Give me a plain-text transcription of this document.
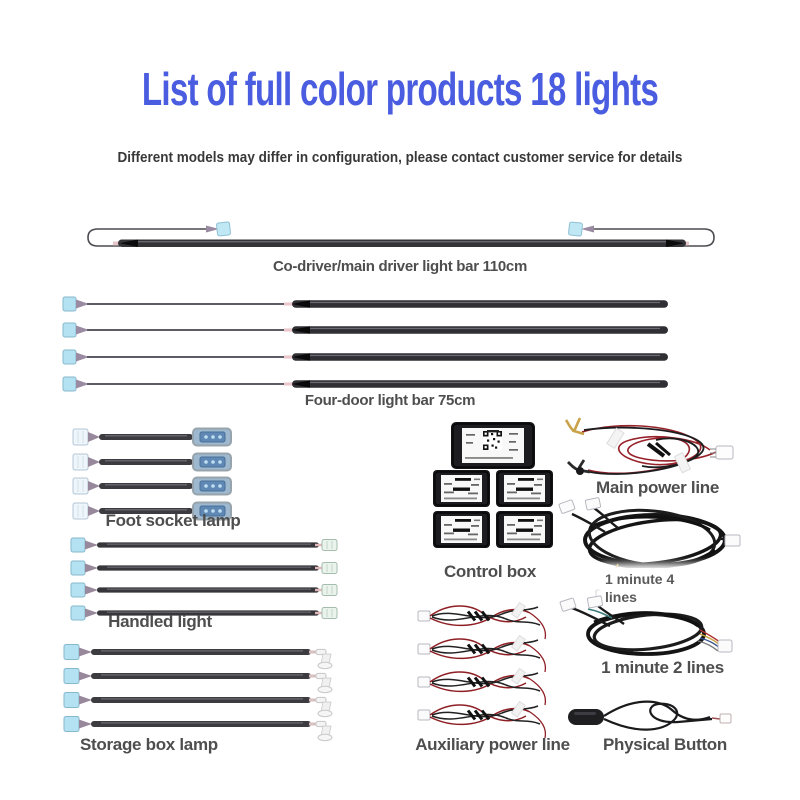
List of full color products 18 lights
Different models may differ in configuration, please contact customer service for details
Co-driver/main driver light bar 110cm
Four-door light bar 75cm
Foot socket lamp
Control box
Main power line
1 minute 4 lines
Handled light
1 minute 2 lines
Storage box lamp	Auxiliary power line	Physical Button
